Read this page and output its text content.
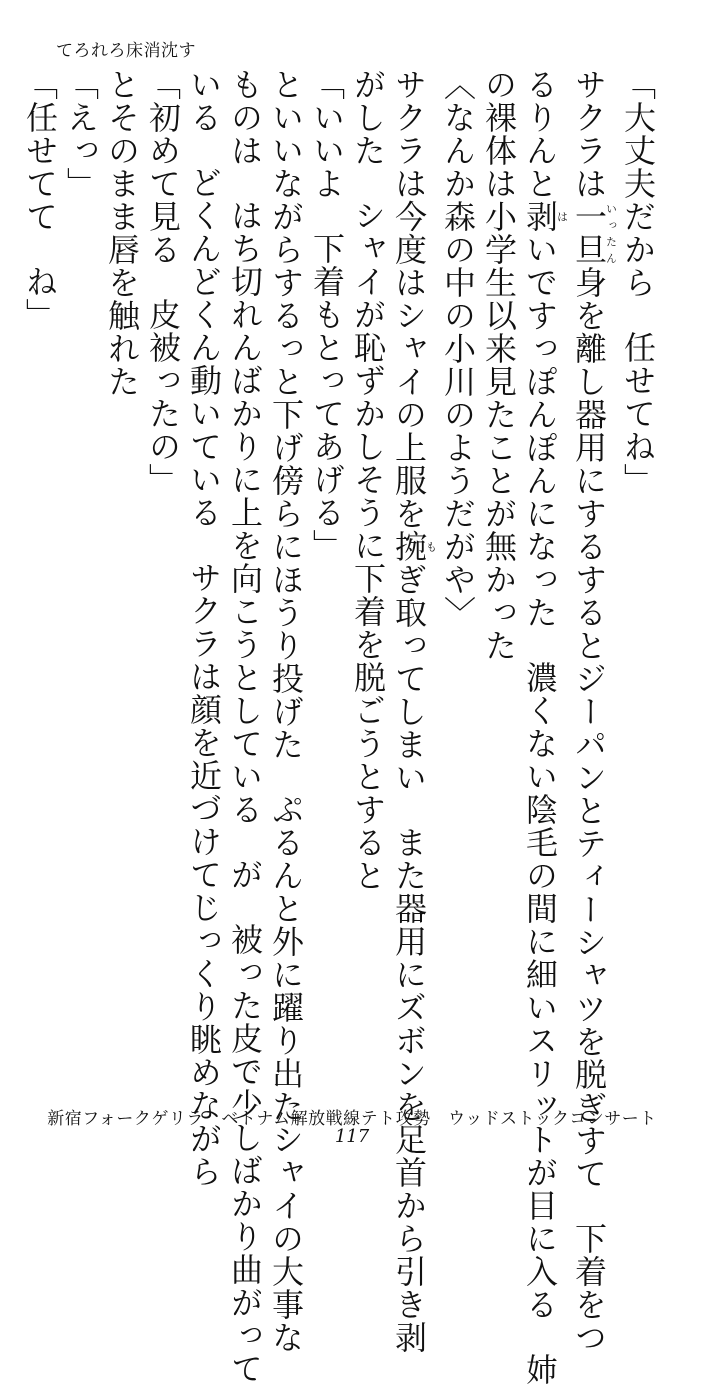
てろれろ床消沈す
「大丈夫だから任せてね」
サクラは一旦いったん身を離し器用にするするとジーパンとティーシャツを脱ぎすて下着をつ
るりんと剥はいですっぽんぽんになった濃くない陰毛の間に細いスリットが目に入る姉
の裸体は小学生以来見たことが無かった
〈なんか森の中の小川のようだがや〉
サクラは今度はシャイの上服を捥もぎ取ってしまいまた器用にズボンを足首から引き剥
がしたシャイが恥ずかしそうに下着を脱ごうとすると
「いいよ下着もとってあげる」
といいながらするっと下げ傍らにほうり投げたぷるんと外に躍り出たシャイの大事な
ものははち切れんばかりに上を向こうとしているが被った皮で少しばかり曲がって
いるどくんどくん動いているサクラは顔を近づけてじっくり眺めながら
「初めて見る皮被ったの」
とそのまま唇を触れた
「えっ」
「任せててね」
新宿フォークゲリラ　ベトナム解放戦線テト攻勢　ウッドストックコンサート
117
